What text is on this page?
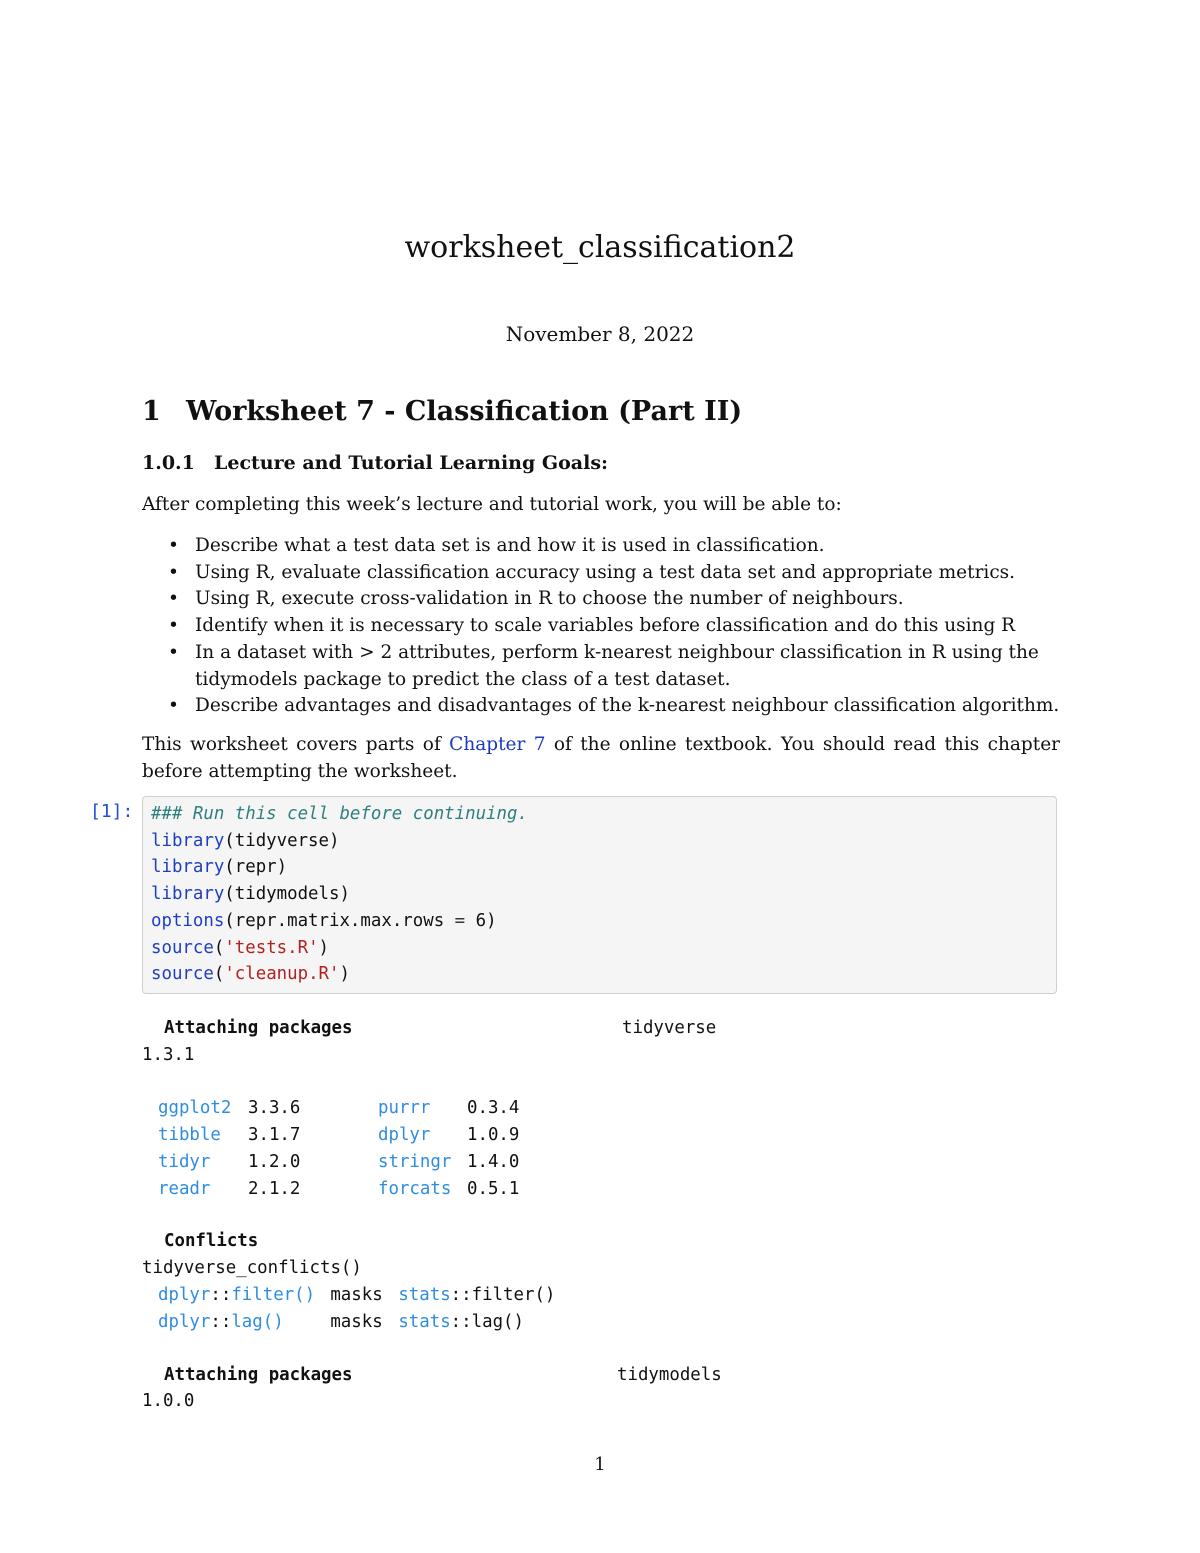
worksheet_classification2
November 8, 2022
1 Worksheet 7 - Classification (Part II)
1.0.1 Lecture and Tutorial Learning Goals:
After completing this week’s lecture and tutorial work, you will be able to:
• Describe what a test data set is and how it is used in classification.
• Using R, evaluate classification accuracy using a test data set and appropriate metrics.
• Using R, execute cross-validation in R to choose the number of neighbours.
• Identify when it is necessary to scale variables before classification and do this using R
• In a dataset with > 2 attributes, perform k-nearest neighbour classification in R using the tidymodels package to predict the class of a test dataset.
• Describe advantages and disadvantages of the k-nearest neighbour classification algorithm.
This worksheet covers parts of Chapter 7 of the online textbook. You should read this chapter before attempting the worksheet.
[1]: ### Run this cell before continuing.
library(tidyverse)
library(repr)
library(tidymodels)
options(repr.matrix.max.rows = 6)
source('tests.R')
source('cleanup.R')
Attaching packages	tidyverse
1.3.1
ggplot2 3.3.6	purrr 0.3.4
tibble 3.1.7	dplyr 1.0.9
tidyr 1.2.0	stringr 1.4.0
readr 2.1.2	forcats 0.5.1
Conflicts
tidyverse_conflicts()
dplyr::filter() masks stats::filter()
dplyr::lag()	masks stats::lag()
Attaching packages	tidymodels
1.0.0
1
